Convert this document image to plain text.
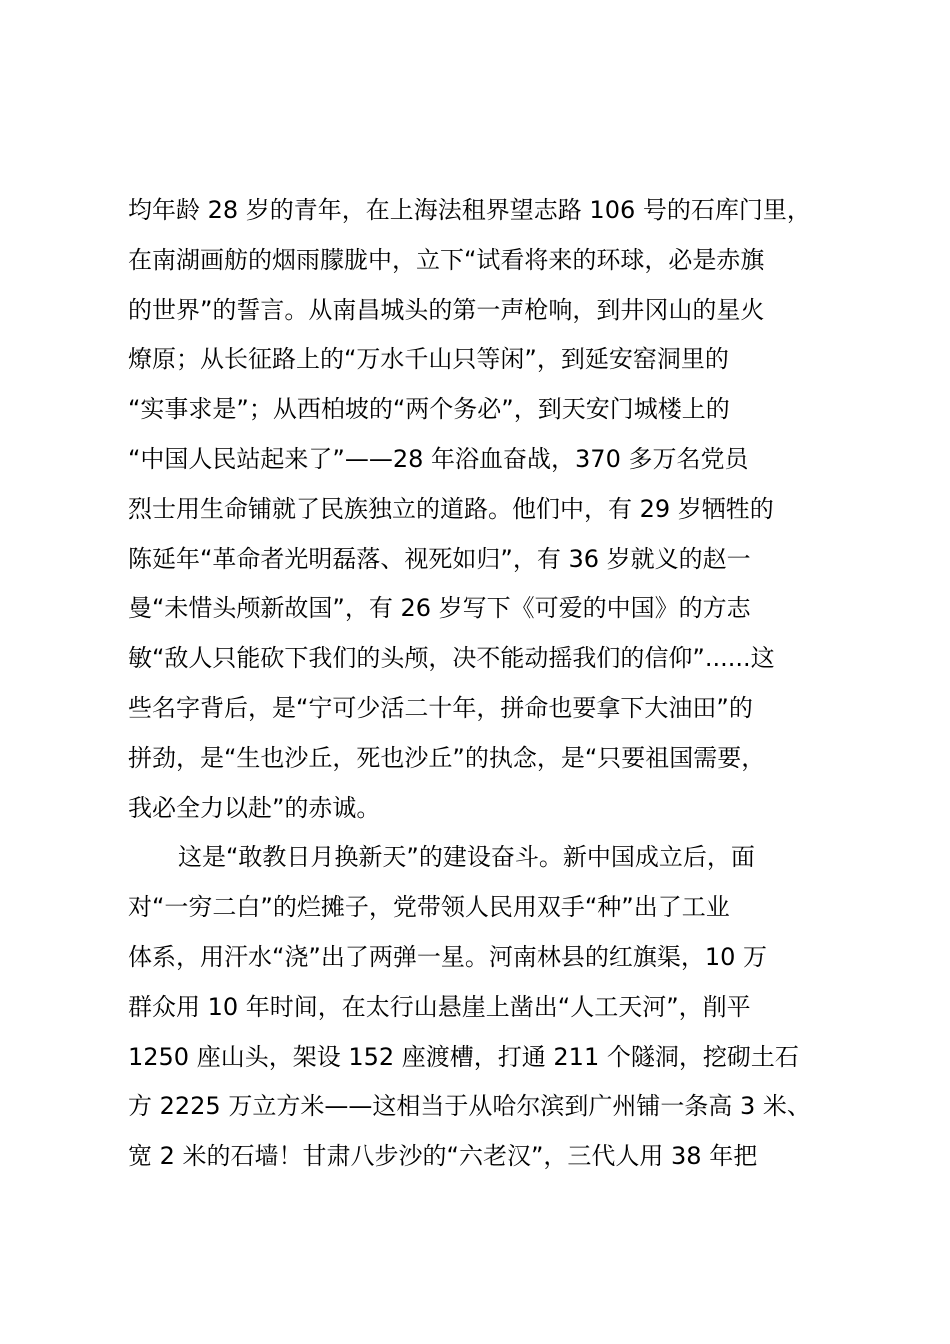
均年龄 28 岁的青年，在上海法租界望志路 106 号的石库门里，
在南湖画舫的烟雨朦胧中，立下“试看将来的环球，必是赤旗
的世界”的誓言。从南昌城头的第一声枪响，到井冈山的星火
燎原；从长征路上的“万水千山只等闲”，到延安窑洞里的
“实事求是”；从西柏坡的“两个务必”，到天安门城楼上的
“中国人民站起来了”——28 年浴血奋战，370 多万名党员
烈士用生命铺就了民族独立的道路。他们中，有 29 岁牺牲的
陈延年“革命者光明磊落、视死如归”，有 36 岁就义的赵一
曼“未惜头颅新故国”，有 26 岁写下《可爱的中国》的方志
敏“敌人只能砍下我们的头颅，决不能动摇我们的信仰”......这
些名字背后，是“宁可少活二十年，拼命也要拿下大油田”的
拼劲，是“生也沙丘，死也沙丘”的执念，是“只要祖国需要，
我必全力以赴”的赤诚。
这是“敢教日月换新天”的建设奋斗。新中国成立后，面
对“一穷二白”的烂摊子，党带领人民用双手“种”出了工业
体系，用汗水“浇”出了两弹一星。河南林县的红旗渠，10 万
群众用 10 年时间，在太行山悬崖上凿出“人工天河”，削平
1250 座山头，架设 152 座渡槽，打通 211 个隧洞，挖砌土石
方 2225 万立方米——这相当于从哈尔滨到广州铺一条高 3 米、
宽 2 米的石墙！甘肃八步沙的“六老汉”，三代人用 38 年把
